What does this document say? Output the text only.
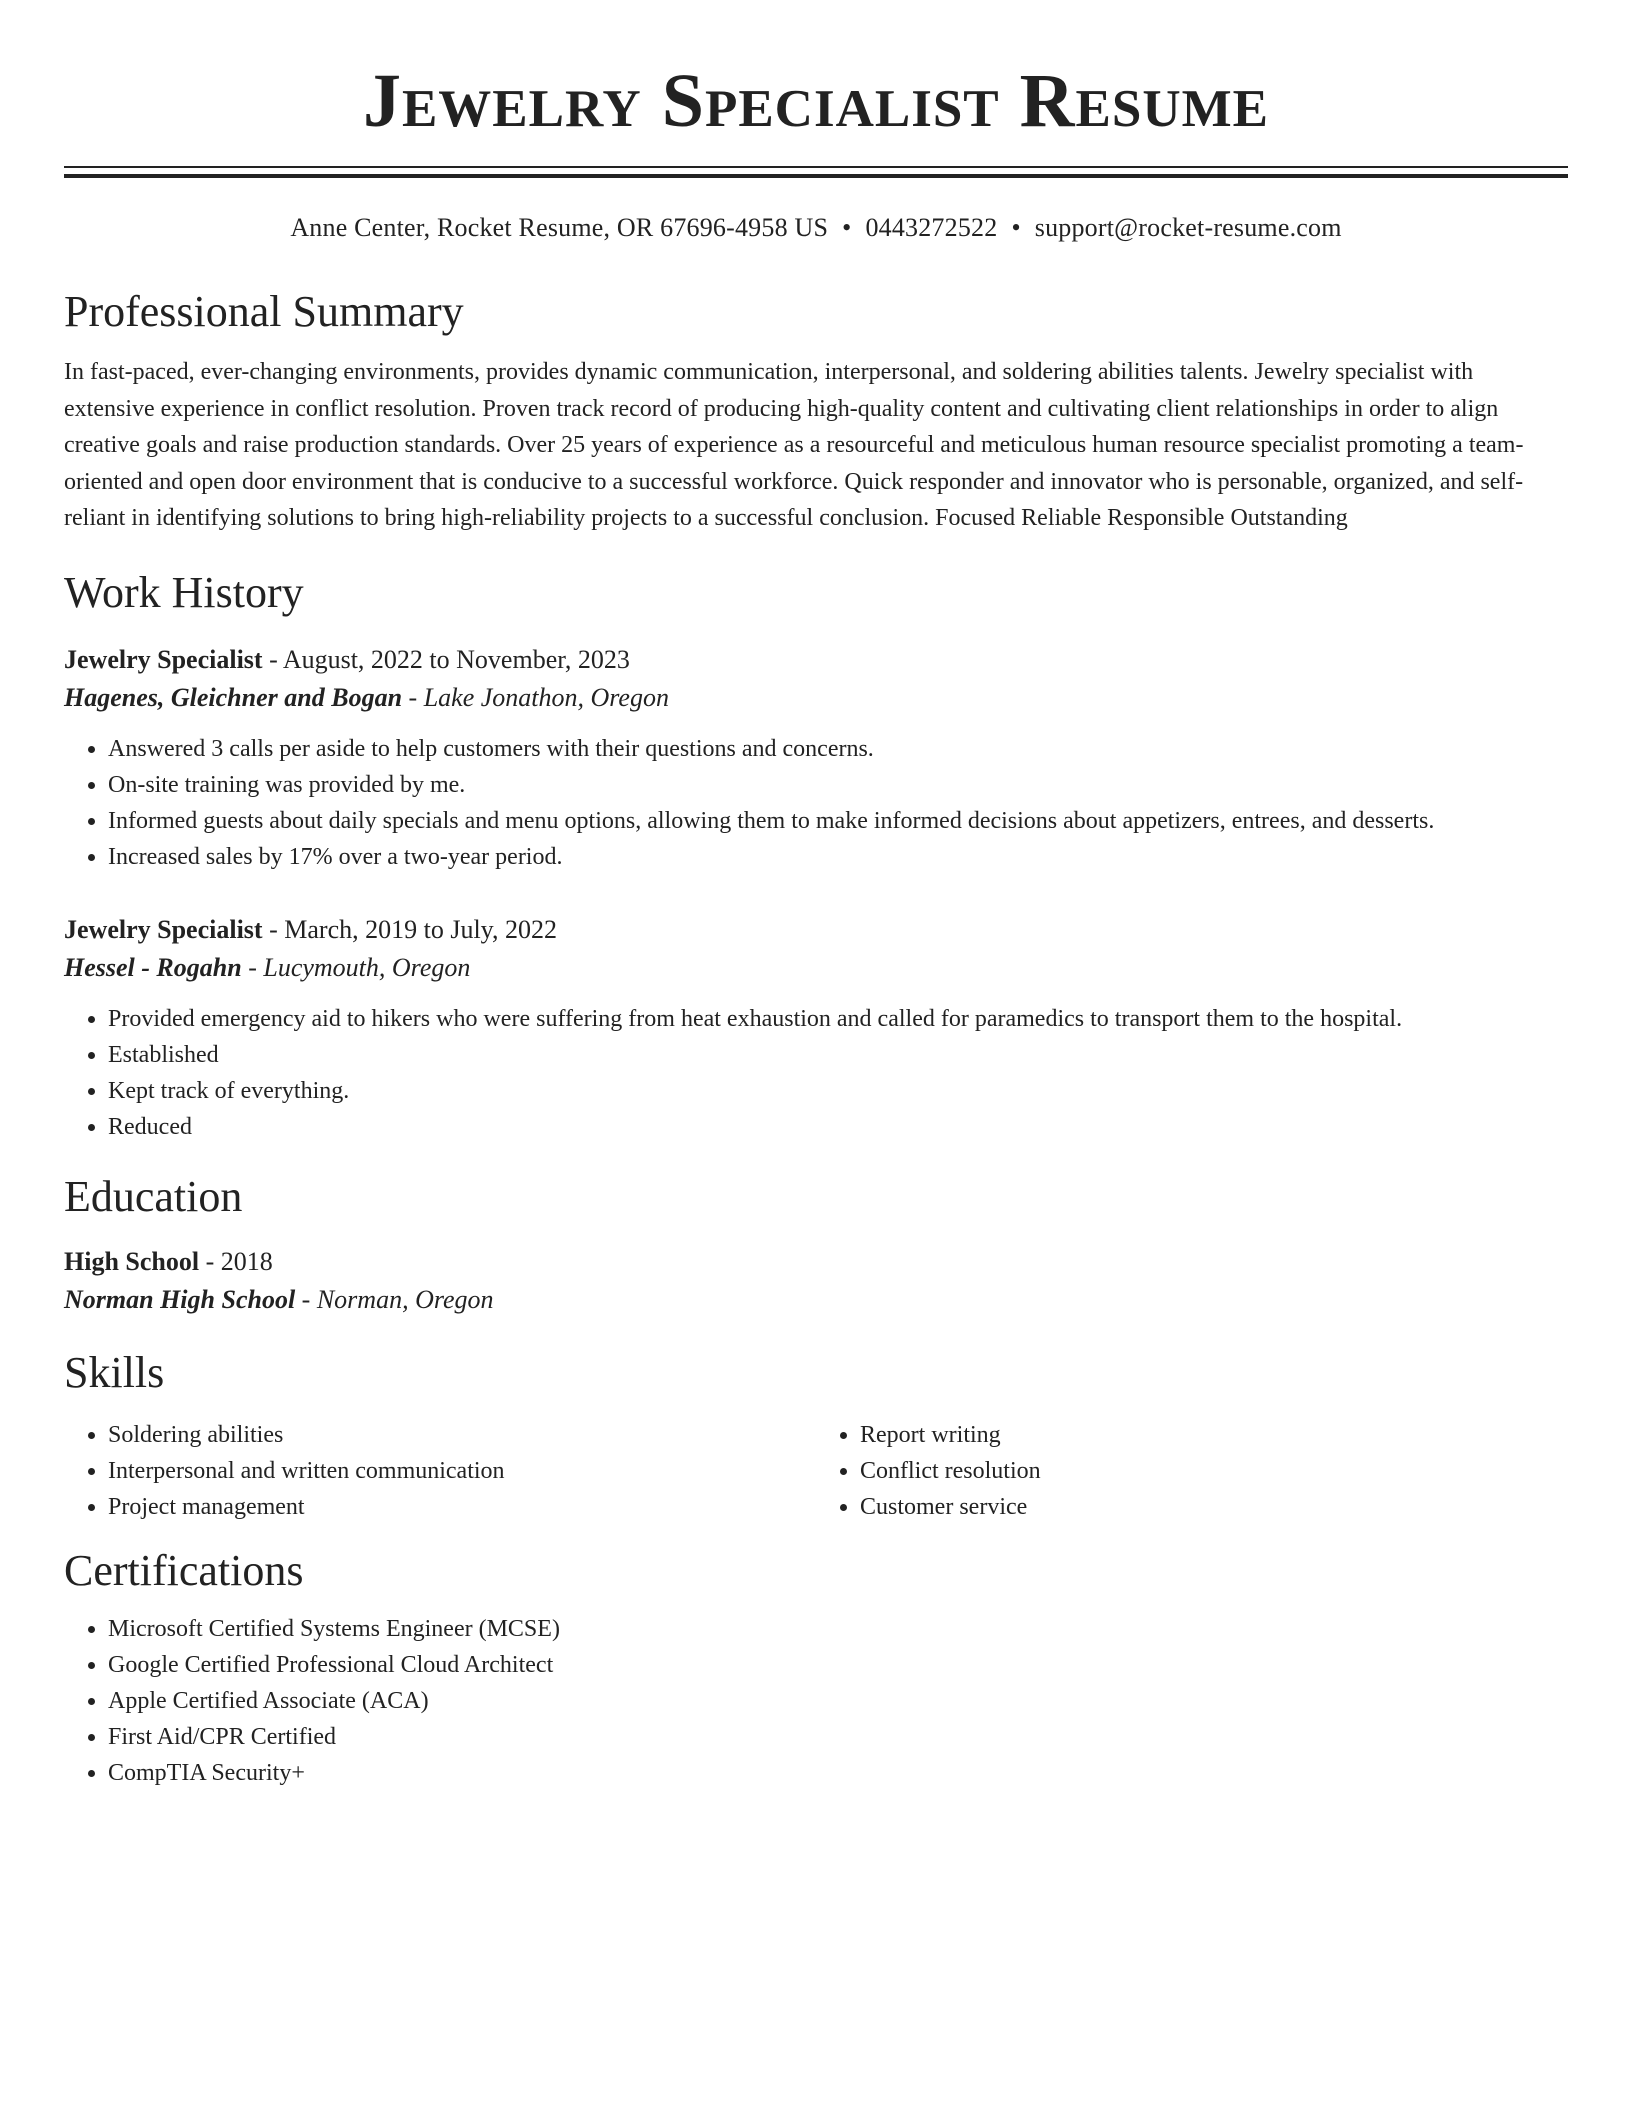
Jewelry Specialist Resume
Anne Center, Rocket Resume, OR 67696-4958 US • 0443272522 • support@rocket-resume.com
Professional Summary

In fast-paced, ever-changing environments, provides dynamic communication, interpersonal, and soldering abilities talents. Jewelry specialist with extensive experience in conflict resolution. Proven track record of producing high-quality content and cultivating client relationships in order to align creative goals and raise production standards. Over 25 years of experience as a resourceful and meticulous human resource specialist promoting a team-oriented and open door environment that is conducive to a successful workforce. Quick responder and innovator who is personable, organized, and self-reliant in identifying solutions to bring high-reliability projects to a successful conclusion. Focused Reliable Responsible Outstanding

Work History
Jewelry Specialist - August, 2022 to November, 2023
Hagenes, Gleichner and Bogan - Lake Jonathon, Oregon
• Answered 3 calls per aside to help customers with their questions and concerns.
• On-site training was provided by me.
• Informed guests about daily specials and menu options, allowing them to make informed decisions about appetizers, entrees, and desserts.
• Increased sales by 17% over a two-year period.
Jewelry Specialist - March, 2019 to July, 2022
Hessel - Rogahn - Lucymouth, Oregon
• Provided emergency aid to hikers who were suffering from heat exhaustion and called for paramedics to transport them to the hospital.
• Established
• Kept track of everything.
• Reduced
Education
High School - 2018
Norman High School - Norman, Oregon
Skills
• Soldering abilities
• Interpersonal and written communication
• Project management
• Report writing
• Conflict resolution
• Customer service
Certifications
• Microsoft Certified Systems Engineer (MCSE)
• Google Certified Professional Cloud Architect
• Apple Certified Associate (ACA)
• First Aid/CPR Certified
• CompTIA Security+
